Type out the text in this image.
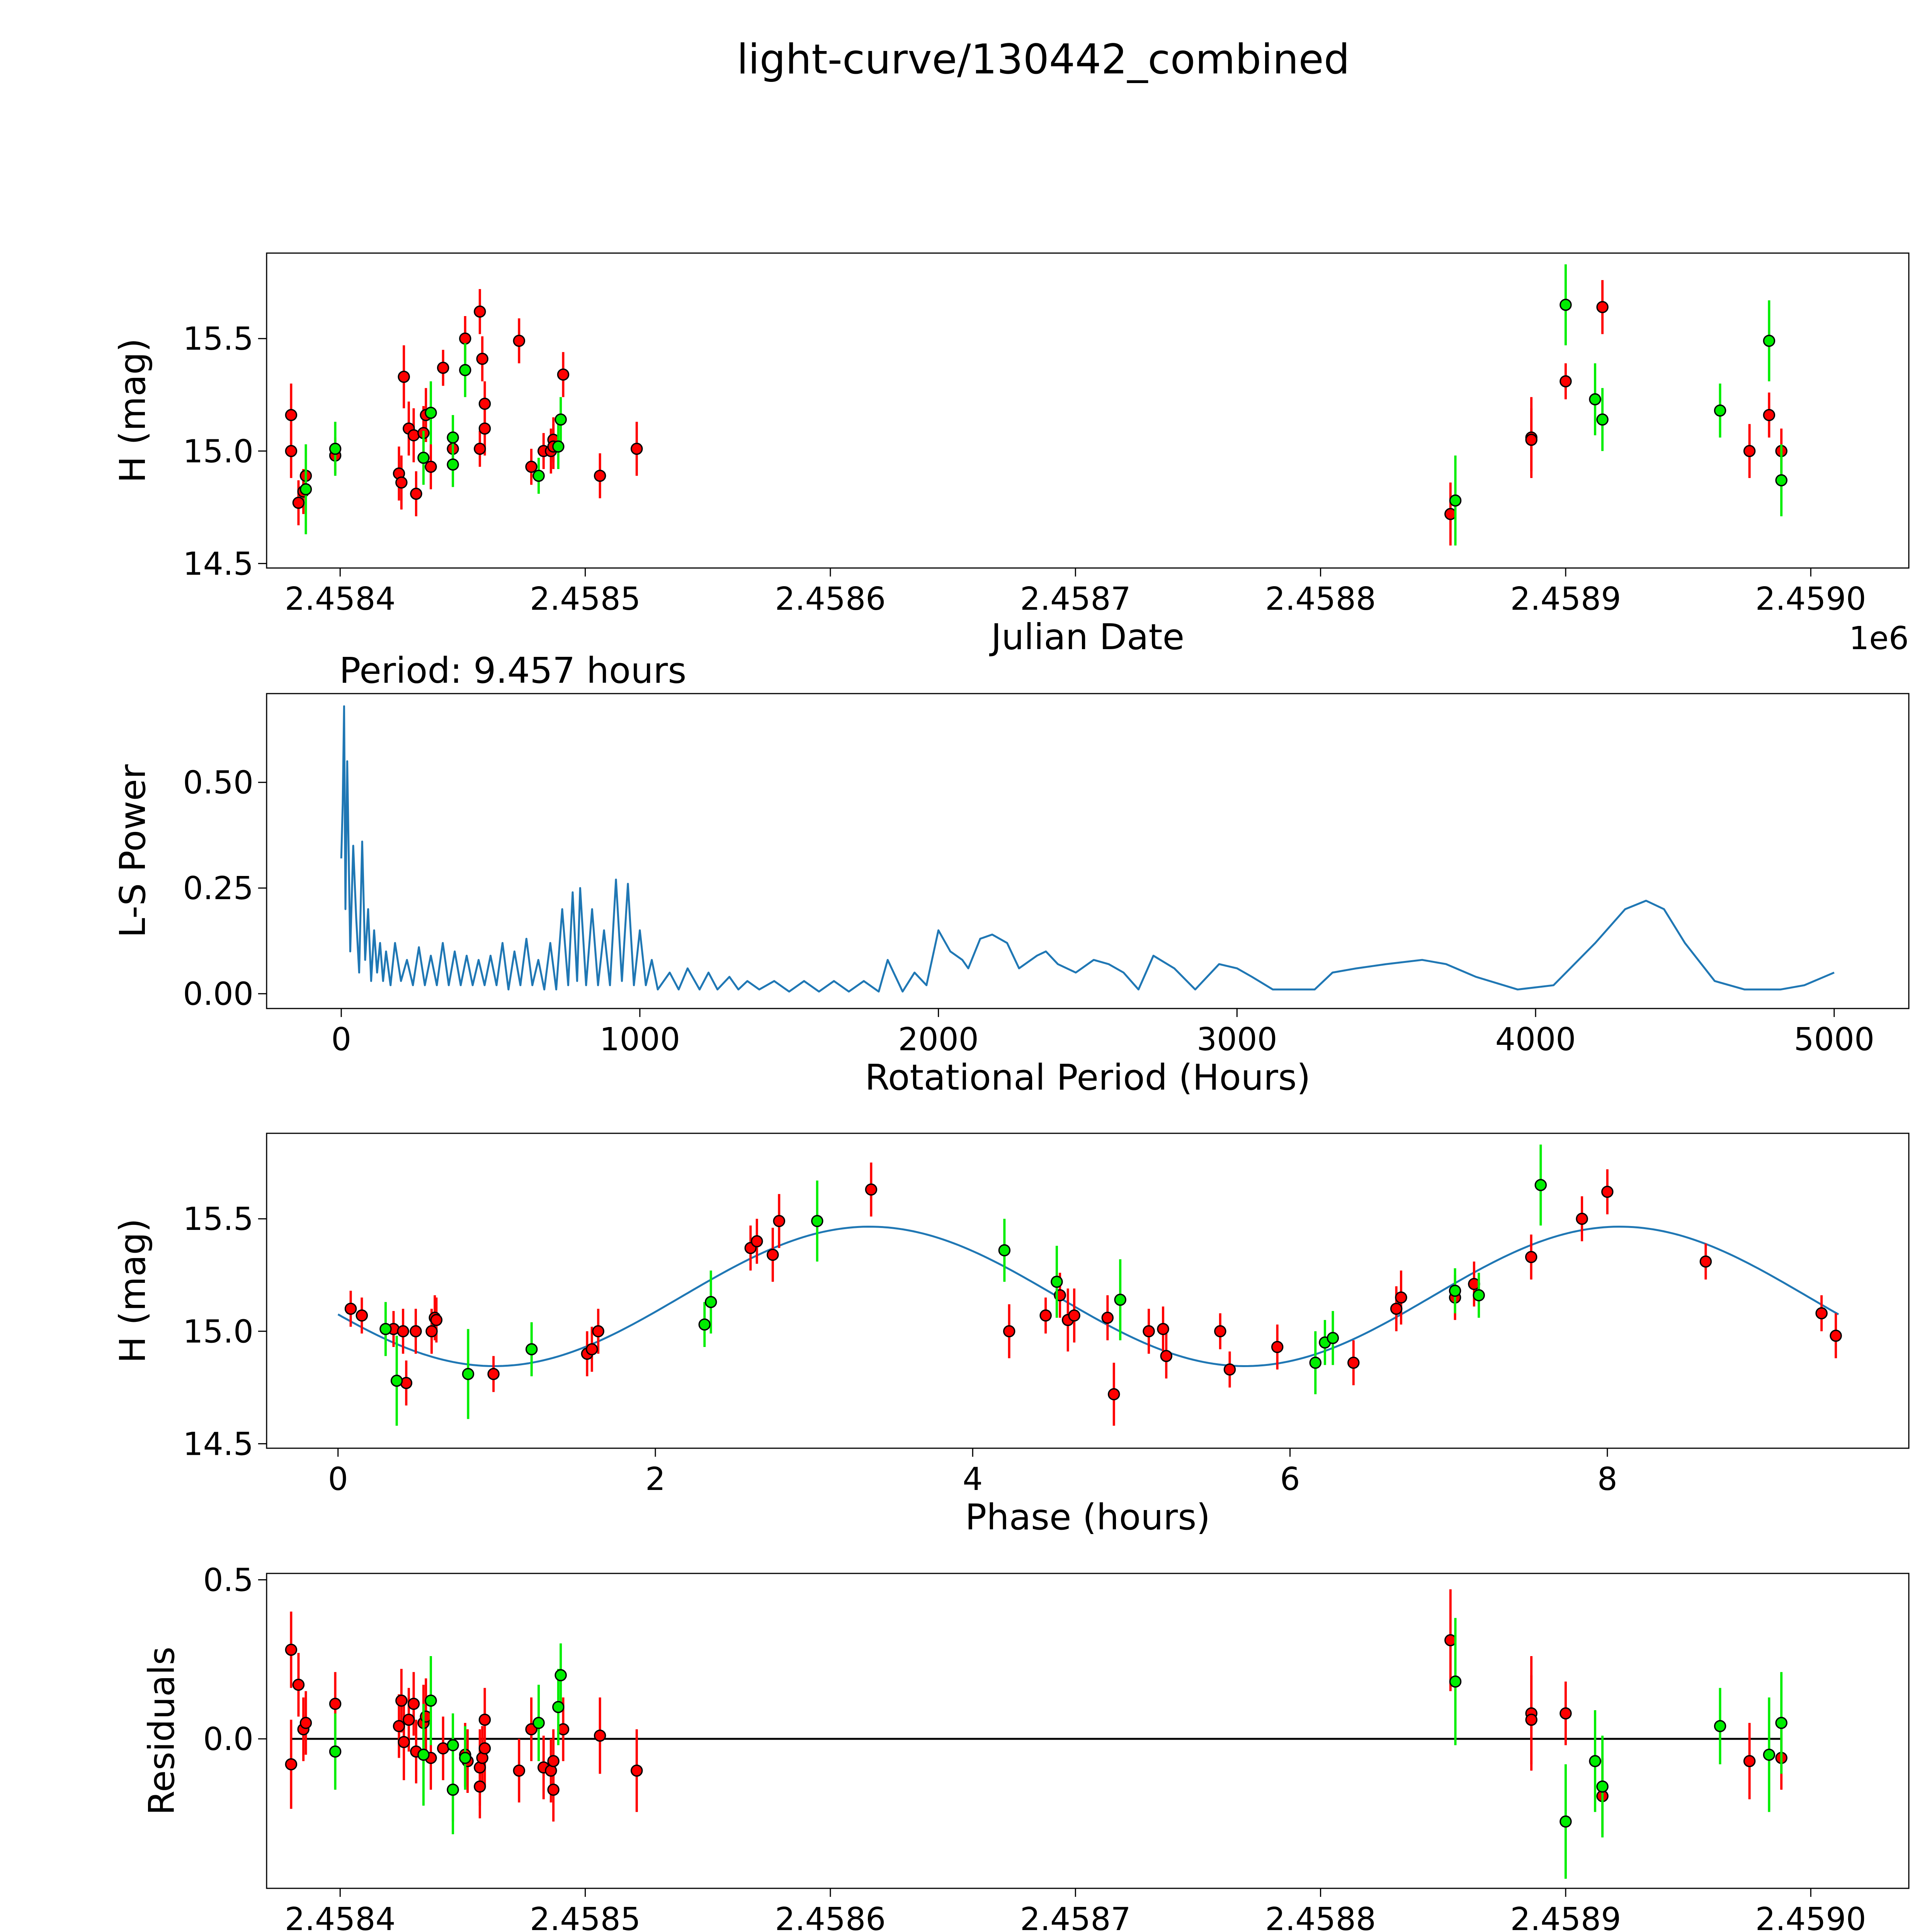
light-curve/130442_combined
2.4584	2.4585	2.4586	2.4587	2.4588	2.4589	2.4590
14.5
15.0
15.5
Julian Date
H (mag)
1e6
0	1000	2000	3000	4000	5000
0.00
0.25
0.50
Rotational Period (Hours)
L-S Power
Period: 9.457 hours
0	2	4	6	8
14.5
15.0
15.5
Phase (hours)
H (mag)
2.4584	2.4585	2.4586	2.4587	2.4588	2.4589	2.4590
0.0
0.5
Residuals
